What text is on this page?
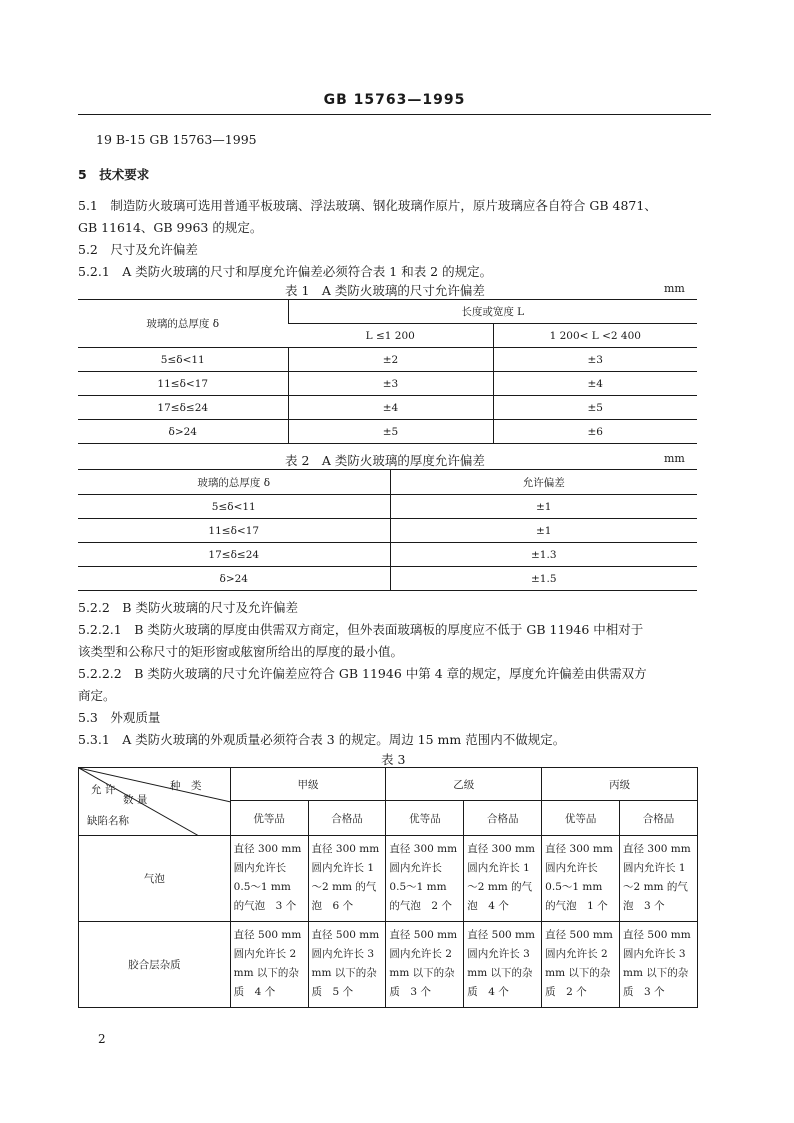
GB 15763—1995
19 B-15 GB 15763—1995
5　技术要求
5.1　制造防火玻璃可选用普通平板玻璃、浮法玻璃、钢化玻璃作原片，原片玻璃应各自符合 GB 4871、
GB 11614、GB 9963 的规定。
5.2　尺寸及允许偏差
5.2.1　A 类防火玻璃的尺寸和厚度允许偏差必须符合表 1 和表 2 的规定。
表 1　A 类防火玻璃的尺寸允许偏差	mm
玻璃的总厚度 δ	长度或宽度 L	
	L ≤1 200	1 200< L <2 400
5≤δ<11	±2	±3
11≤δ<17	±3	±4
17≤δ≤24	±4	±5
δ>24	±5	±6
表 2　A 类防火玻璃的厚度允许偏差	mm
玻璃的总厚度 δ	允许偏差
5≤δ<11	±1
11≤δ<17	±1
17≤δ≤24	±1.3
δ>24	±1.5
5.2.2　B 类防火玻璃的尺寸及允许偏差
5.2.2.1　B 类防火玻璃的厚度由供需双方商定，但外表面玻璃板的厚度应不低于 GB 11946 中相对于
该类型和公称尺寸的矩形窗或舷窗所给出的厚度的最小值。
5.2.2.2　B 类防火玻璃的尺寸允许偏差应符合 GB 11946 中第 4 章的规定，厚度允许偏差由供需双方
商定。
5.3　外观质量
5.3.1　A 类防火玻璃的外观质量必须符合表 3 的规定。周边 15 mm 范围内不做规定。
表 3
种　类
允 许
数 量
缺陷名称	甲级		乙级		丙级	
	优等品	合格品	优等品	合格品	优等品	合格品
气泡	直径 300 mm 圆内允许长 0.5～1 mm 的气泡　3 个	直径 300 mm 圆内允许长 1～2 mm 的气泡　6 个	直径 300 mm 圆内允许长 0.5～1 mm 的气泡　2 个	直径 300 mm 圆内允许长 1～2 mm 的气泡　4 个	直径 300 mm 圆内允许长 0.5～1 mm 的气泡　1 个	直径 300 mm 圆内允许长 1～2 mm 的气泡　3 个
胶合层杂质	直径 500 mm 圆内允许长 2 mm 以下的杂质　4 个	直径 500 mm 圆内允许长 3 mm 以下的杂质　5 个	直径 500 mm 圆内允许长 2 mm 以下的杂质　3 个	直径 500 mm 圆内允许长 3 mm 以下的杂质　4 个	直径 500 mm 圆内允许长 2 mm 以下的杂质　2 个	直径 500 mm 圆内允许长 3 mm 以下的杂质　3 个
2
